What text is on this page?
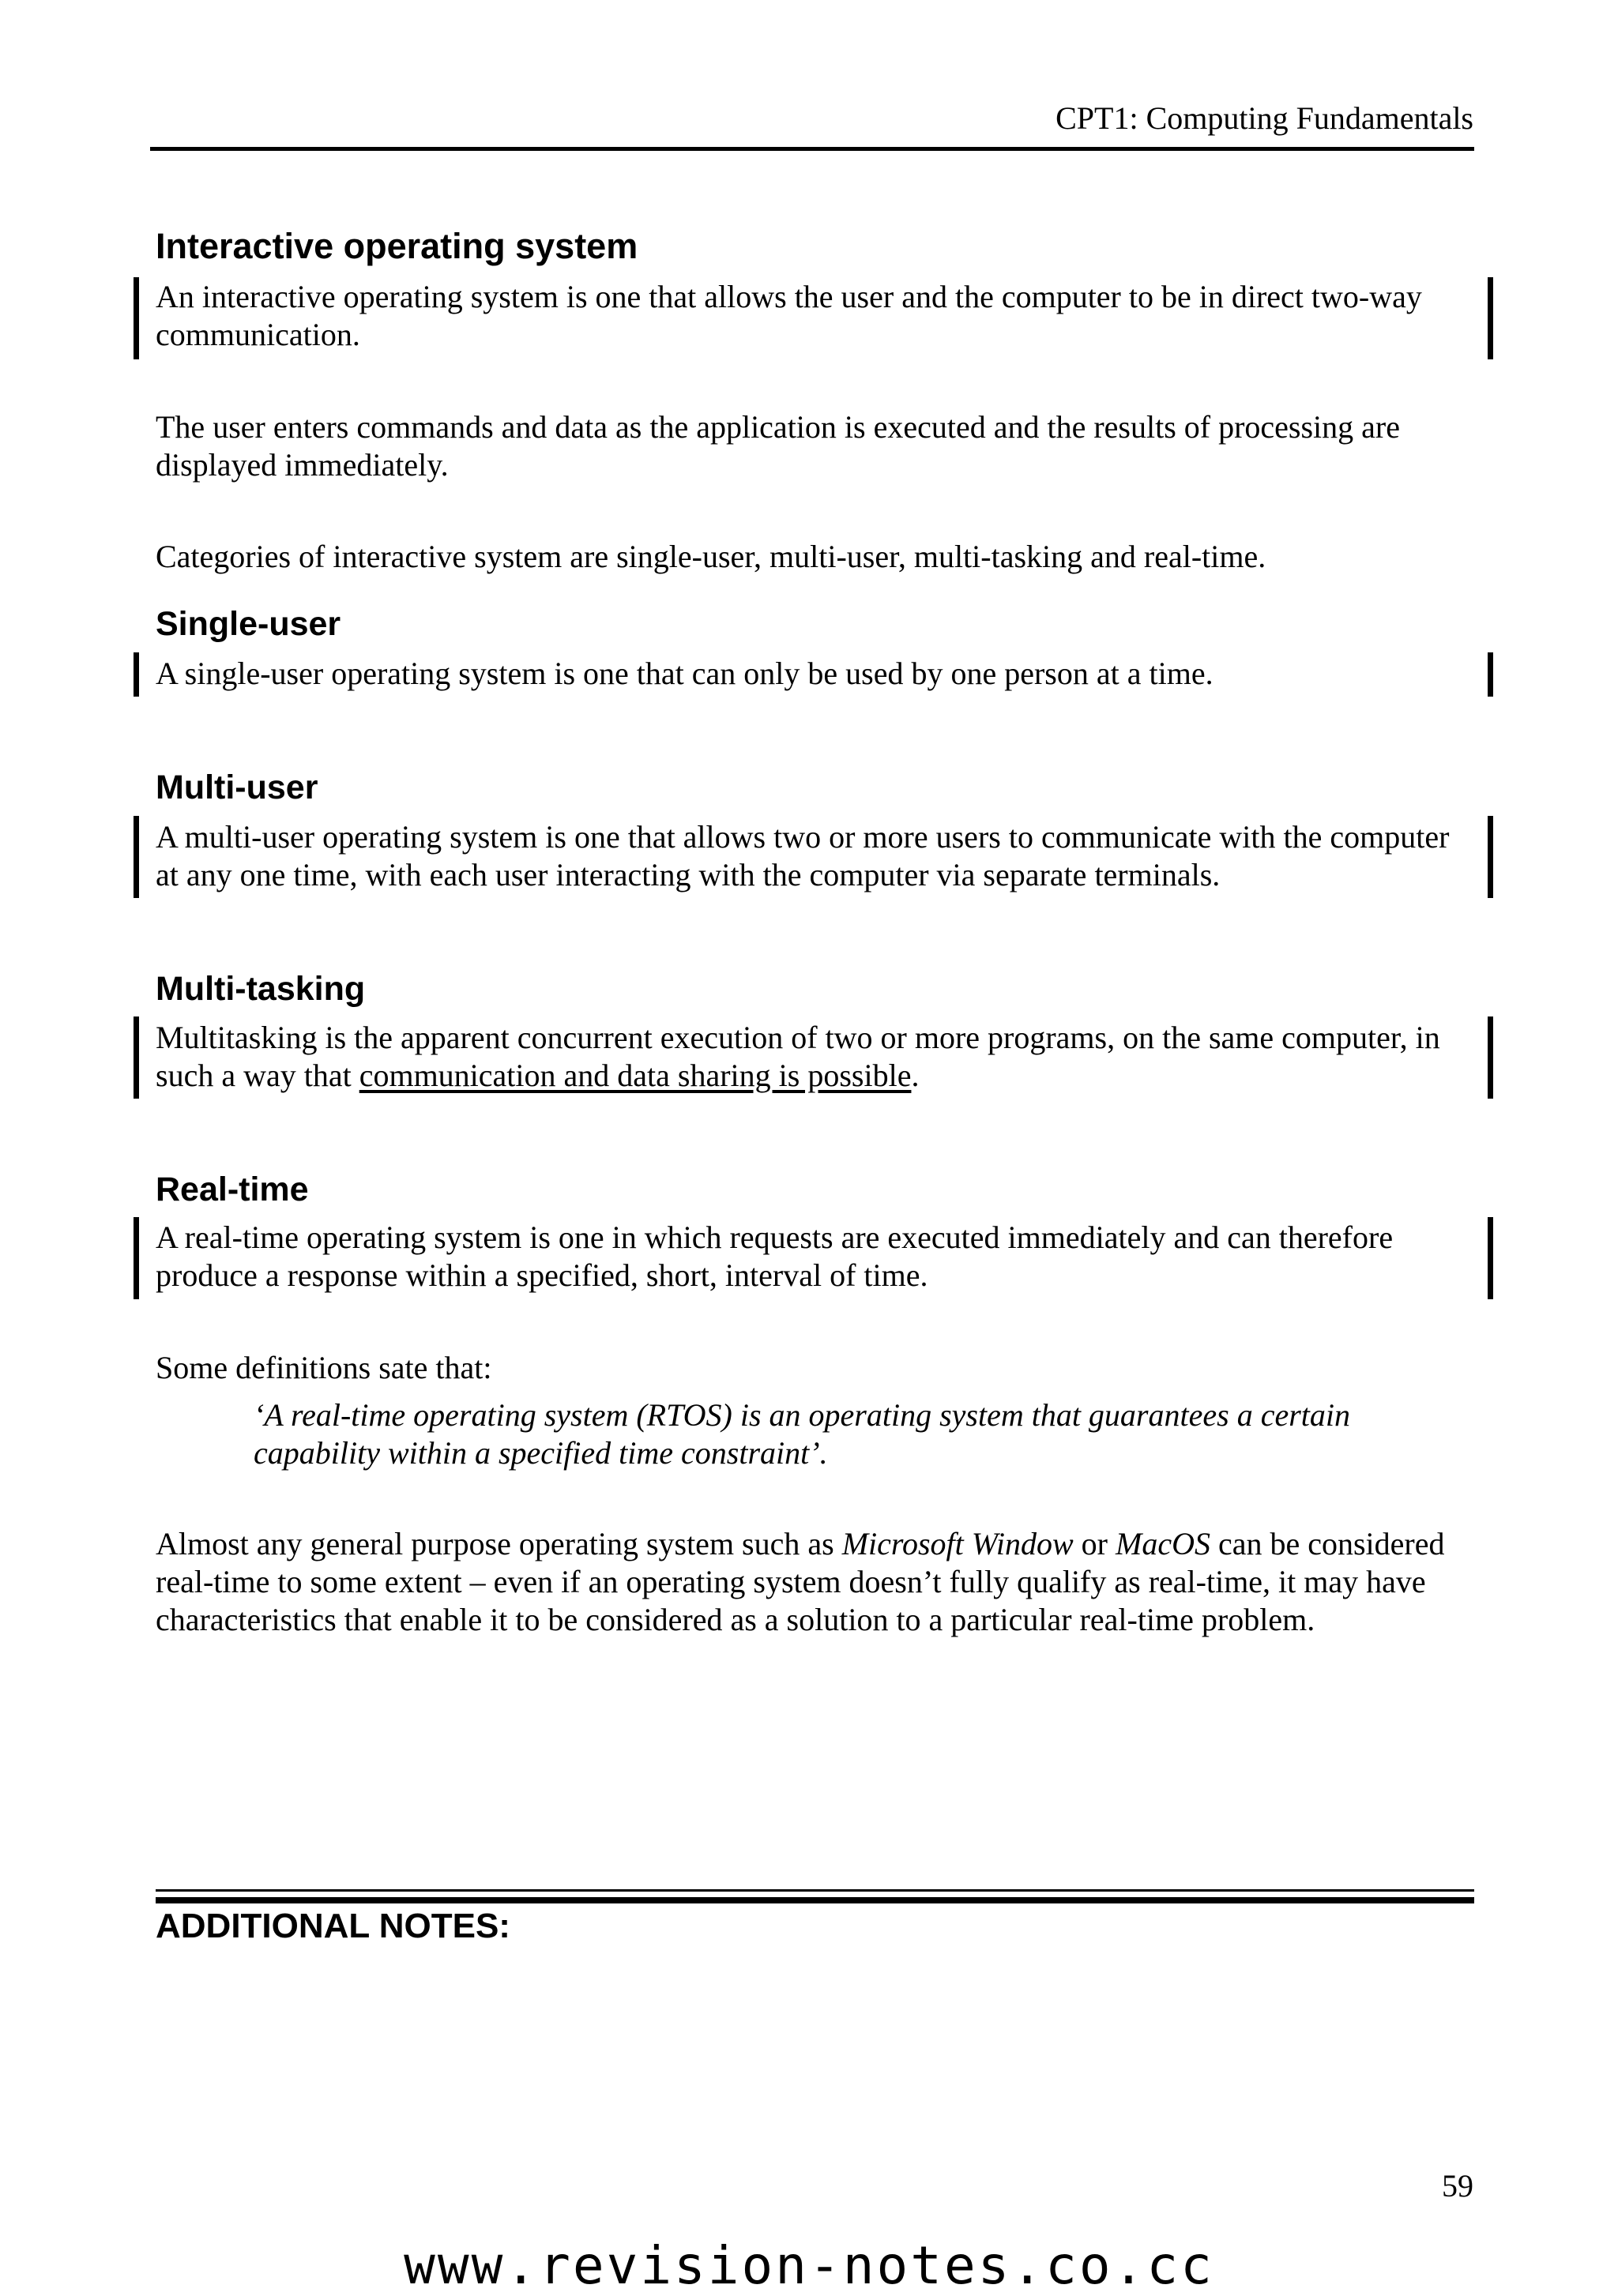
CPT1: Computing Fundamentals
Interactive operating system
An interactive operating system is one that allows the user and the computer to be in direct two-way communication.
The user enters commands and data as the application is executed and the results of processing are displayed immediately.
Categories of interactive system are single-user, multi-user, multi-tasking and real-time.
Single-user
A single-user operating system is one that can only be used by one person at a time.
Multi-user
A multi-user operating system is one that allows two or more users to communicate with the computer at any one time, with each user interacting with the computer via separate terminals.
Multi-tasking
Multitasking is the apparent concurrent execution of two or more programs, on the same computer, in such a way that communication and data sharing is possible.
Real-time
A real-time operating system is one in which requests are executed immediately and can therefore produce a response within a specified, short, interval of time.
Some definitions sate that:
‘A real-time operating system (RTOS) is an operating system that guarantees a certain capability within a specified time constraint’.
Almost any general purpose operating system such as Microsoft Window or MacOS can be considered real-time to some extent – even if an operating system doesn’t fully qualify as real-time, it may have characteristics that enable it to be considered as a solution to a particular real-time problem.
ADDITIONAL NOTES:
59
www.revision-notes.co.cc
